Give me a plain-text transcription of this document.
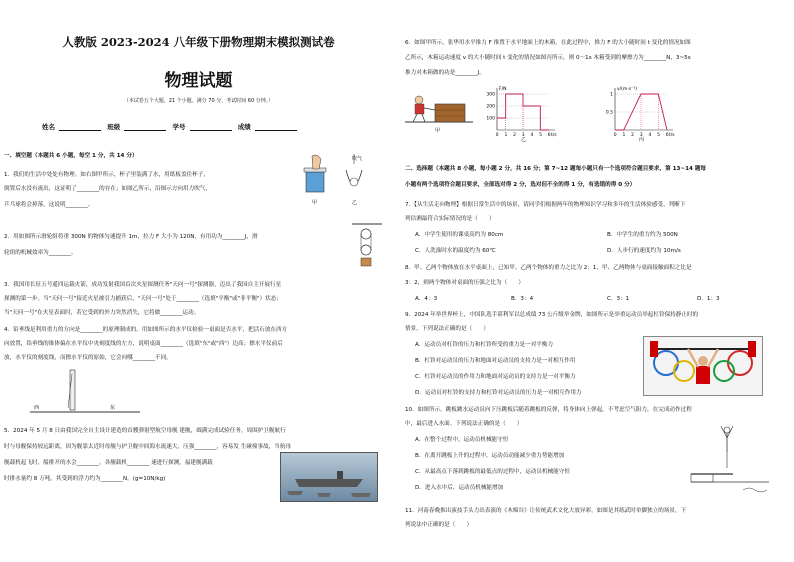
人教版 2023-2024 八年级下册物理期末模拟测试卷
物理试题
（本试卷五个大题，21 个小题。满分 70 分，考试时间 60 分钟。）
姓名	班级	学号	成绩
一、填空题（本题共 6 小题，每空 1 分，共 14 分）
1．我们的生活中处处有物理。如右图甲所示，杯子里装满了水，用纸板盖住杯子，
倒置后水没有流出，这证明了________的存在；如图乙所示，沿图示方向用力吹气，
乒乓球将会掉落，这说明________。	甲
吹气
乙
2．用如图所示滑轮组将重 300N 的物体匀速提升 1m，拉力 F 大小为 120N，有用功为________J，滑
轮组的机械效率为________。
3．我国用长征五号遥四运载火箭，成功发射我国首次火星探测任务"天问一号"探测器，迈出了我国自主开展行星
探测的第一步。当"天问一号"接近火星被引力捕获后，"天问一号"处于________（选填"平衡"或"非平衡"）状态；
当"天问一号"在火星表面时，若它受到的外力突然消失，它将做________运动。
4．铅垂线是利用重力的方向是________的原理制成的。用如图所示的水平仪检验一桌面是否水平，把活石放在西方
向放置，铅垂线的锥体偏在水平仪中央刻度线的左方，说明桌面________（选填"东"或"西"）边高；擦水平仪前后
放，水平仪的刻度线，而擦水平仪的原始，它会向哪________不同。
西	东
5．2024 年 5 月 8 日由我国完全自主设计建造的首艘弹射型航空母舰 建舰，圆满完成试验任务，周围护卫舰航行
时与母舰保持较远距离，因为舰靠太近时母舰与护卫舰中间海水流速大，压强________，容易发 生碰撞事故，当航母
舰载机起飞时，船排开的水会________，各舰载机________ 速进行探测，福建舰满载
时排水量约 8 万吨，其受到的浮力约为________N。(g=10N/kg)
6．如图甲所示，张华用水平推力 F 推置于水平地面上的木箱，在此过程中，推力 F 的大小随时间 t 变化的情况如图
乙所示，木箱运动速度 v 的大小随时间 t 变化的情况如图丙所示，则 0～1s 木箱受到的摩擦力为________N，3~5s
推力对木箱做的功是________J。
甲
F/N
t/s
0 1 2 3 4 5 6
100
200
300
乙
v/(m·s⁻¹)
t/s
0 1 2 3 4 5 6
0.5
1
丙
二、选择题（本题共 8 小题，每小题 2 分，共 16 分；第 7~12 题每小题只有一个选项符合题目要求，第 13~14 题每
小题有两个选项符合题目要求，全部选对得 2 分，选对但不全的得 1 分，有选错的得 0 分）
7．【从生活走向物理】根据日常生活中的场景，请同学们根据两年的物理知识学习和多年的生活体验感受，判断下
列估测最符合实际情况的是（　　）
A．中学生使用的课桌高约为 80cm	B．中学生的重力约为 500N
C．人洗澡时水的温度约为 60℃	D．人步行的速度约为 10m/s
8．甲、乙两个物体放在水平桌面上，已知甲、乙两个物体的重力之比为 2：1，甲、乙两物体与桌面接触面积之比是
3：2，则两个物体对桌面的压强之比为（　　）
A．4：3	B．3：4	C．3：1	D．1：3
9．2024 年举世界杯上，中国队选手谌利军以总成绩 73 公斤级举金牌，如图所示是举重运动员举起杠铃保持静止时的
情景，下列说法正确的是（　　）
A．运动员对杠铃的压力和杠铃所受的重力是一对平衡力
B．杠铃对运动员的压力和地面对运动员的支持力是一对相互作用
C．杠铃对运动员的作用力和地面对运动员的支持力是一对平衡力
D．运动员对杠铃的支持力和杠铃对运动员的压力是一对相互作用力
10．如图所示，跳板跳水运动员向下压跳板后随着跳板的反弹，将身体向上弹起。不考虑空气阻力，在完成动作过程
中，最后进入水面。下列说法正确的是（　　）
A．在整个过程中，运动员机械能守恒
B．在离开跳板上升的过程中，运动员动能减少重力势能增加
C．从最高点下落到跳板的最低点的过程中，运动员机械能守恒
D．进入水中后，运动员机械能增加
11．河南春晚推出演技手头力出表演的《木棉谷》让传统武术文化大放异彩。如图是其练武时单脚独立的场景，下
列说法中正确的是（　　）
